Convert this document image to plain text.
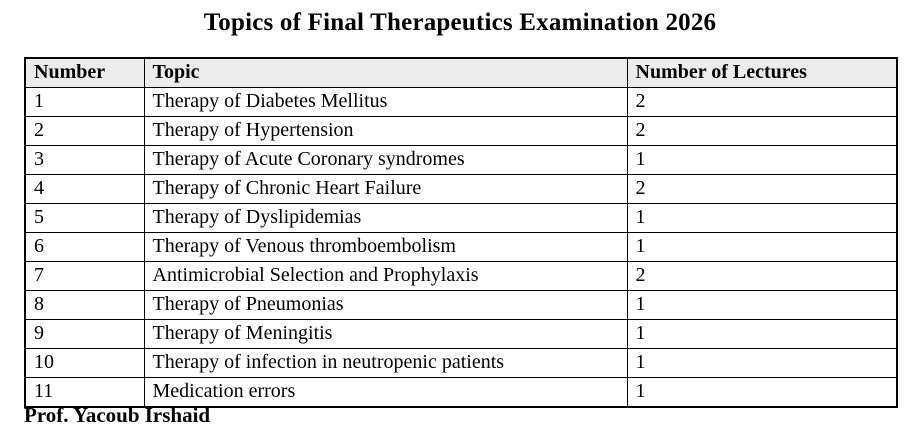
Topics of Final Therapeutics Examination 2026
Number	Topic	Number of Lectures
1	Therapy of Diabetes Mellitus	2
2	Therapy of Hypertension	2
3	Therapy of Acute Coronary syndromes	1
4	Therapy of Chronic Heart Failure	2
5	Therapy of Dyslipidemias	1
6	Therapy of Venous thromboembolism	1
7	Antimicrobial Selection and Prophylaxis	2
8	Therapy of Pneumonias	1
9	Therapy of Meningitis	1
10	Therapy of infection in neutropenic patients	1
11	Medication errors	1
Prof. Yacoub Irshaid
